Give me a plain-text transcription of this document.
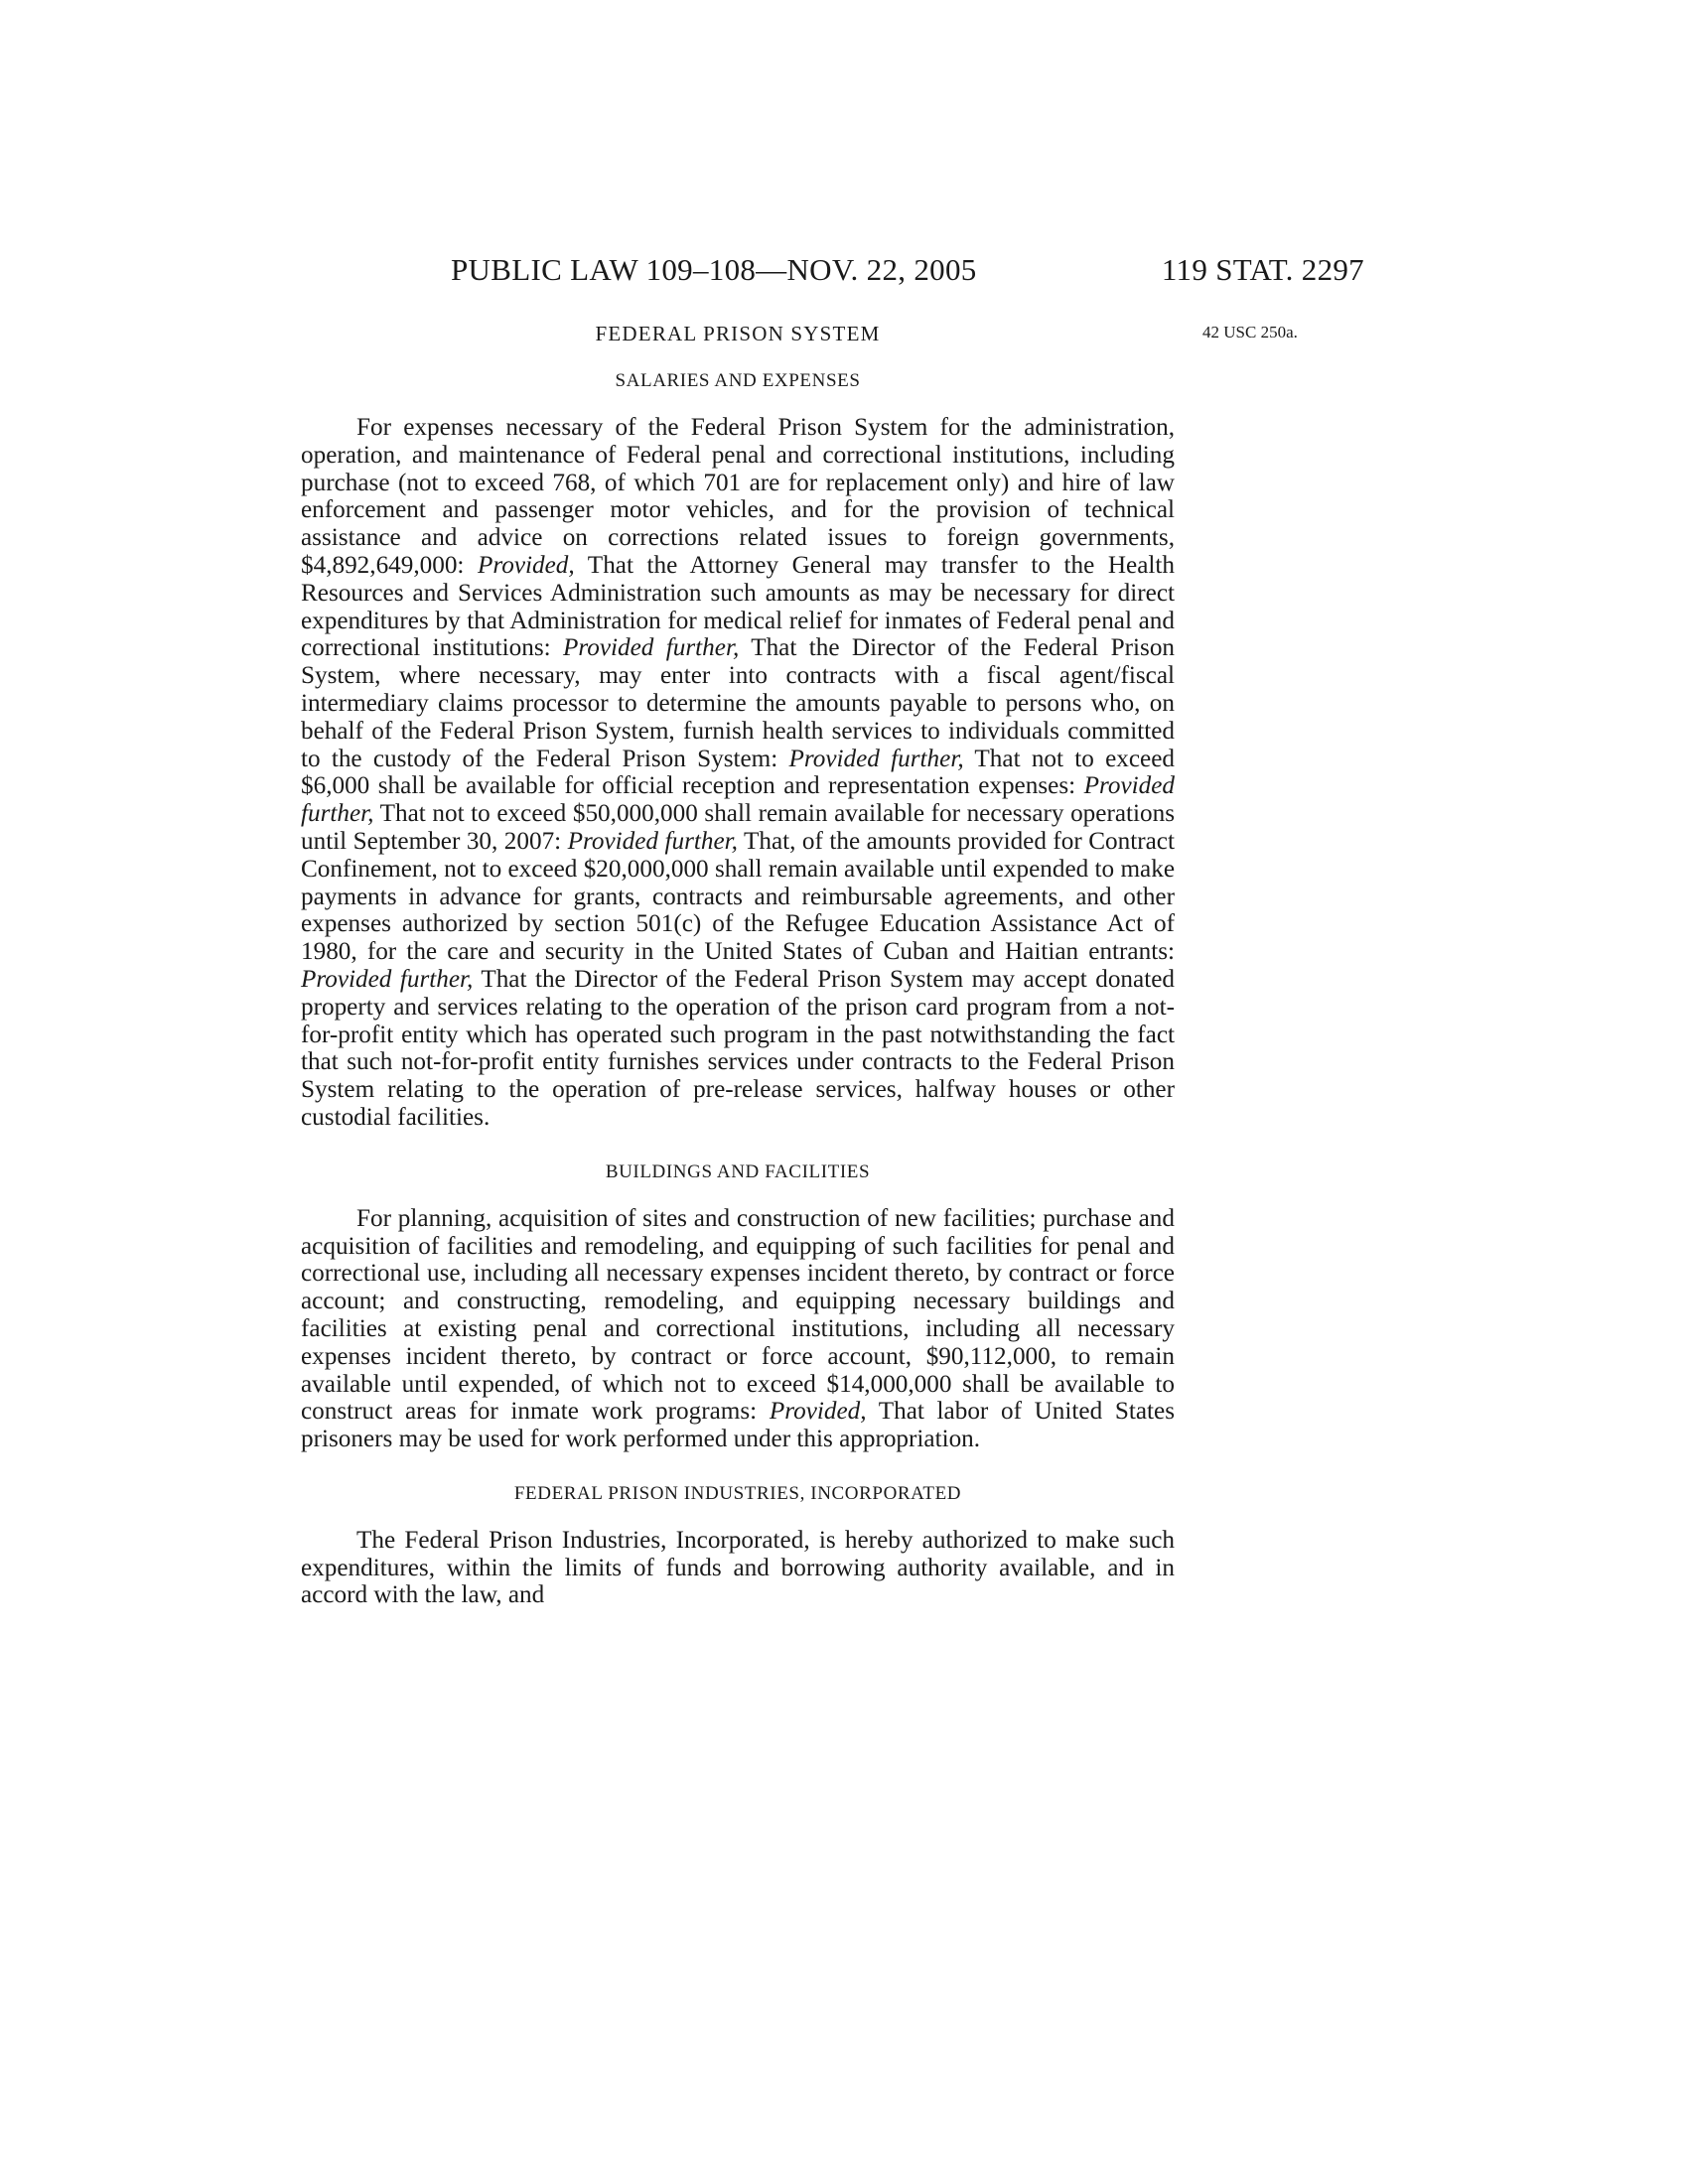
PUBLIC LAW 109–108—NOV. 22, 2005	119 STAT. 2297
FEDERAL PRISON SYSTEM
SALARIES AND EXPENSES

For expenses necessary of the Federal Prison System for the administration, operation, and maintenance of Federal penal and correctional institutions, including purchase (not to exceed 768, of which 701 are for replacement only) and hire of law enforcement and passenger motor vehicles, and for the provision of technical assistance and advice on corrections related issues to foreign governments, $4,892,649,000: Provided, That the Attorney General may transfer to the Health Resources and Services Administration such amounts as may be necessary for direct expenditures by that Administration for medical relief for inmates of Federal penal and correctional institutions: Provided further, That the Director of the Federal Prison System, where necessary, may enter into contracts with a fiscal agent/fiscal intermediary claims processor to determine the amounts payable to persons who, on behalf of the Federal Prison System, furnish health services to individuals committed to the custody of the Federal Prison System: Provided further, That not to exceed $6,000 shall be available for official reception and representation expenses: Provided further, That not to exceed $50,000,000 shall remain available for necessary operations until September 30, 2007: Provided further, That, of the amounts provided for Contract Confinement, not to exceed $20,000,000 shall remain available until expended to make payments in advance for grants, contracts and reimbursable agreements, and other expenses authorized by section 501(c) of the Refugee Education Assistance Act of 1980, for the care and security in the United States of Cuban and Haitian entrants: Provided further, That the Director of the Federal Prison System may accept donated property and services relating to the operation of the prison card program from a not-for-profit entity which has operated such program in the past notwithstanding the fact that such not-for-profit entity furnishes services under contracts to the Federal Prison System relating to the operation of pre-release services, halfway houses or other custodial facilities.

BUILDINGS AND FACILITIES

For planning, acquisition of sites and construction of new facilities; purchase and acquisition of facilities and remodeling, and equipping of such facilities for penal and correctional use, including all necessary expenses incident thereto, by contract or force account; and constructing, remodeling, and equipping necessary buildings and facilities at existing penal and correctional institutions, including all necessary expenses incident thereto, by contract or force account, $90,112,000, to remain available until expended, of which not to exceed $14,000,000 shall be available to construct areas for inmate work programs: Provided, That labor of United States prisoners may be used for work performed under this appropriation.

FEDERAL PRISON INDUSTRIES, INCORPORATED

The Federal Prison Industries, Incorporated, is hereby authorized to make such expenditures, within the limits of funds and borrowing authority available, and in accord with the law, and

42 USC 250a.
